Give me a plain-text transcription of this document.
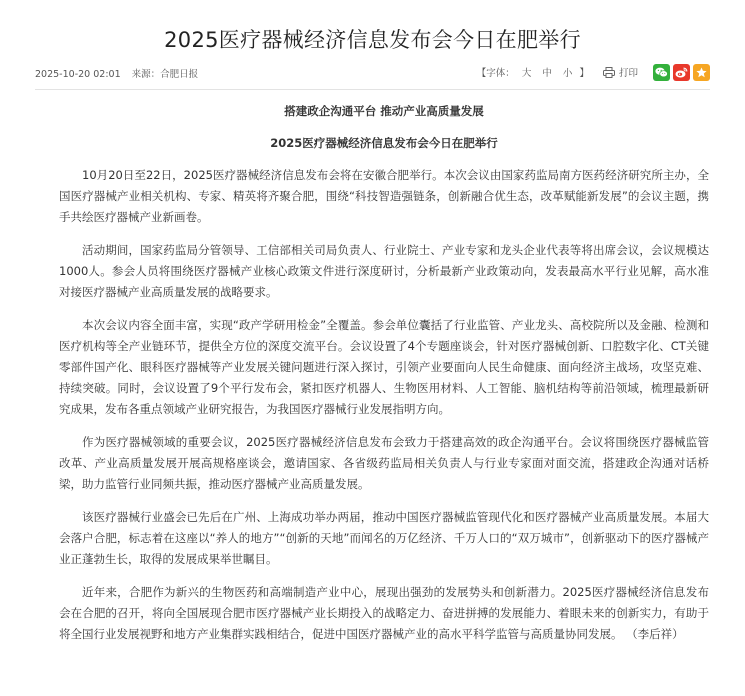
2025医疗器械经济信息发布会今日在肥举行
2025-10-20 02:01 来源：合肥日报	【字体： 大 中 小 】	打印

搭建政企沟通平台 推动产业高质量发展

2025医疗器械经济信息发布会今日在肥举行

10月20日至22日，2025医疗器械经济信息发布会将在安徽合肥举行。本次会议由国家药监局南方医药经济研究所主办，全国医疗器械产业相关机构、专家、精英将齐聚合肥，围绕“科技智造强链条，创新融合优生态，改革赋能新发展”的会议主题，携手共绘医疗器械产业新画卷。

活动期间，国家药监局分管领导、工信部相关司局负责人、行业院士、产业专家和龙头企业代表等将出席会议，会议规模达1000人。参会人员将围绕医疗器械产业核心政策文件进行深度研讨，分析最新产业政策动向，发表最高水平行业见解，高水准对接医疗器械产业高质量发展的战略要求。

本次会议内容全面丰富，实现“政产学研用检金”全覆盖。参会单位囊括了行业监管、产业龙头、高校院所以及金融、检测和医疗机构等全产业链环节，提供全方位的深度交流平台。会议设置了4个专题座谈会，针对医疗器械创新、口腔数字化、CT关键零部件国产化、眼科医疗器械等产业发展关键问题进行深入探讨，引领产业要面向人民生命健康、面向经济主战场，攻坚克难、持续突破。同时，会议设置了9个平行发布会，紧扣医疗机器人、生物医用材料、人工智能、脑机结构等前沿领域，梳理最新研究成果，发布各重点领域产业研究报告，为我国医疗器械行业发展指明方向。

作为医疗器械领域的重要会议，2025医疗器械经济信息发布会致力于搭建高效的政企沟通平台。会议将围绕医疗器械监管改革、产业高质量发展开展高规格座谈会，邀请国家、各省级药监局相关负责人与行业专家面对面交流，搭建政企沟通对话桥梁，助力监管行业同频共振，推动医疗器械产业高质量发展。

该医疗器械行业盛会已先后在广州、上海成功举办两届，推动中国医疗器械监管现代化和医疗器械产业高质量发展。本届大会落户合肥，标志着在这座以“养人的地方”“创新的天地”而闻名的万亿经济、千万人口的“双万城市”，创新驱动下的医疗器械产业正蓬勃生长，取得的发展成果举世瞩目。

近年来，合肥作为新兴的生物医药和高端制造产业中心，展现出强劲的发展势头和创新潜力。2025医疗器械经济信息发布会在合肥的召开，将向全国展现合肥市医疗器械产业长期投入的战略定力、奋进拼搏的发展能力、着眼未来的创新实力，有助于将全国行业发展视野和地方产业集群实践相结合，促进中国医疗器械产业的高水平科学监管与高质量协同发展。 （李后祥）
